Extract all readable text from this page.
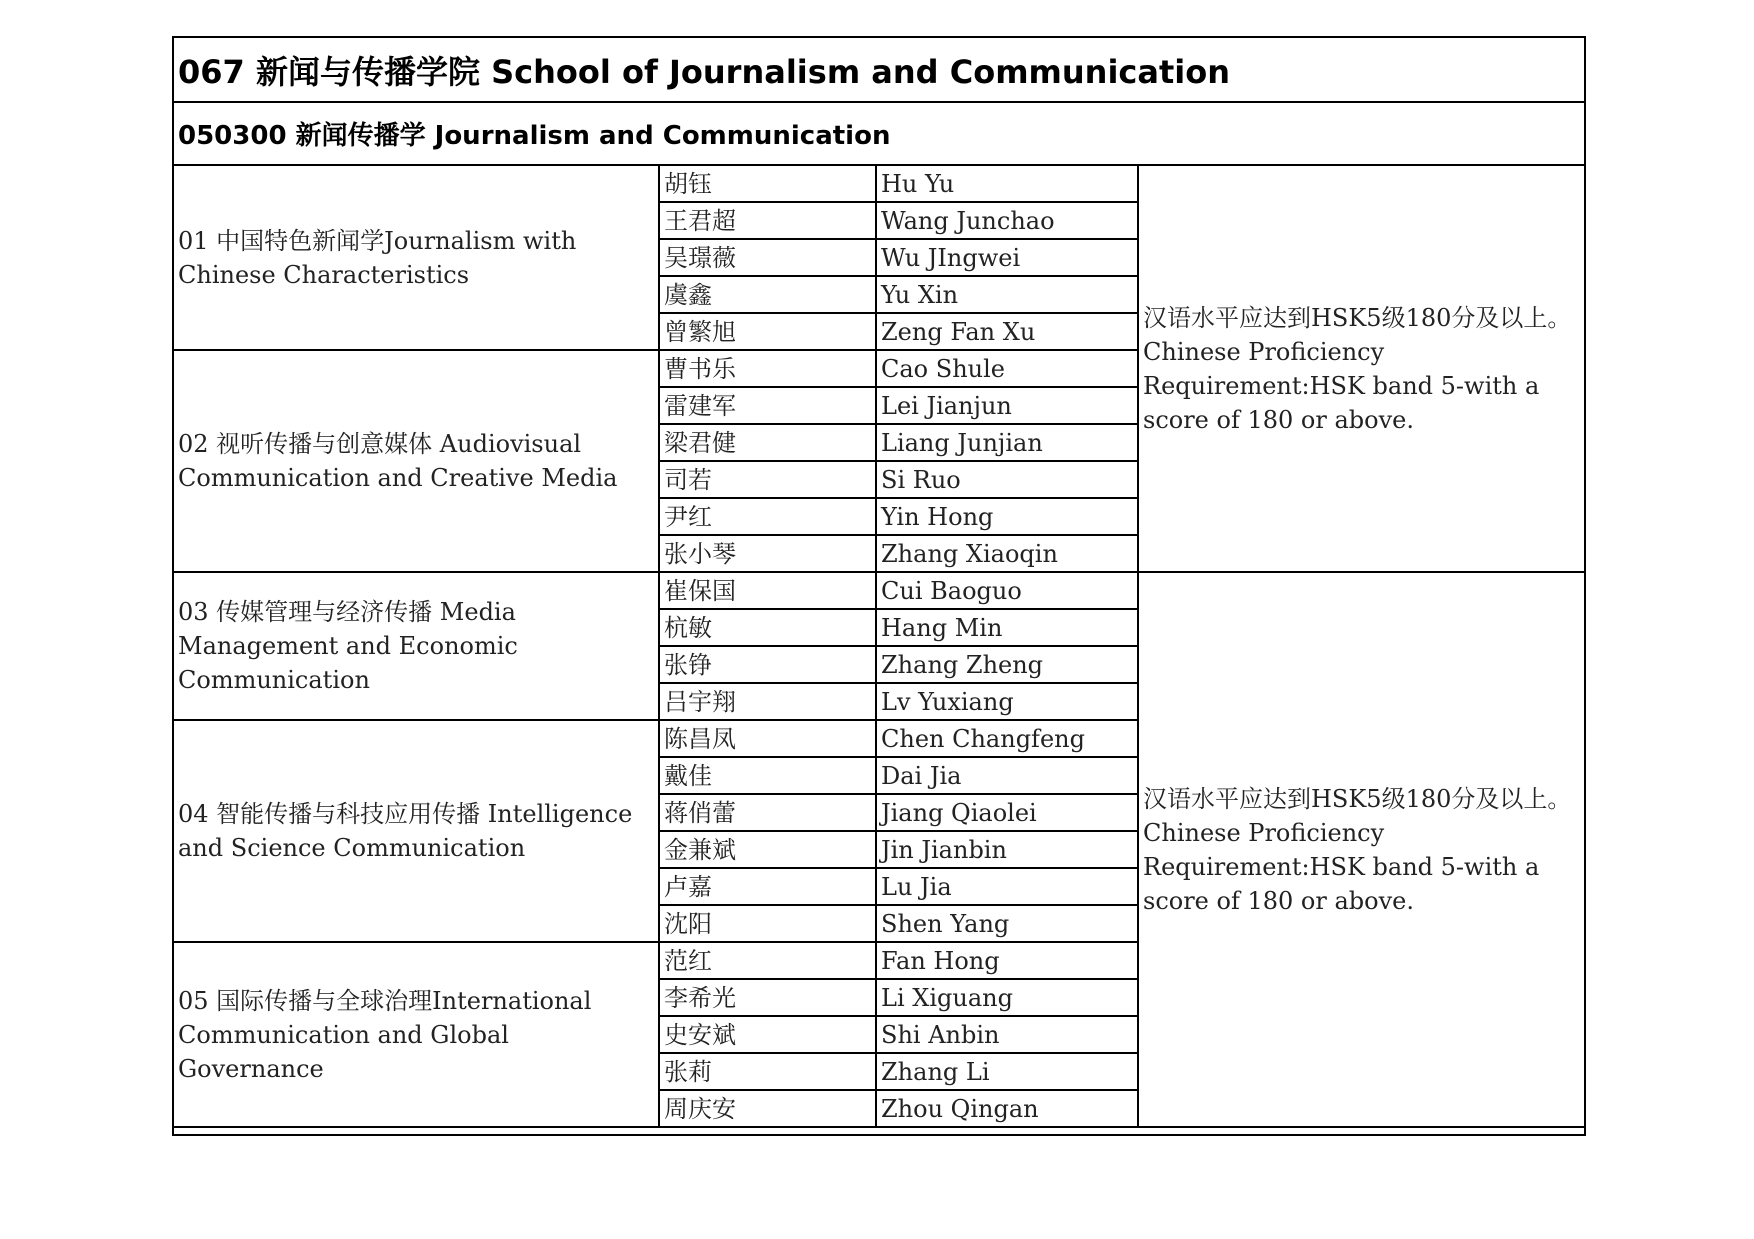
067 新闻与传播学院 School of Journalism and Communication			
050300 新闻传播学 Journalism and Communication			
01 中国特色新闻学Journalism with Chinese Characteristics	胡钰	Hu Yu	汉语水平应达到HSK5级180分及以上。Chinese Proficiency Requirement:HSK band 5-with a score of 180 or above.
	王君超	Wang Junchao	
	吴璟薇	Wu JIngwei	
	虞鑫	Yu Xin	
	曾繁旭	Zeng Fan Xu	
02 视听传播与创意媒体 Audiovisual Communication and Creative Media	曹书乐	Cao Shule	
	雷建军	Lei Jianjun	
	梁君健	Liang Junjian	
	司若	Si Ruo	
	尹红	Yin Hong	
	张小琴	Zhang Xiaoqin	
03 传媒管理与经济传播 Media Management and Economic Communication	崔保国	Cui Baoguo	汉语水平应达到HSK5级180分及以上。Chinese Proficiency Requirement:HSK band 5-with a score of 180 or above.
	杭敏	Hang Min	
	张铮	Zhang Zheng	
	吕宇翔	Lv Yuxiang	
04 智能传播与科技应用传播 Intelligence and Science Communication	陈昌凤	Chen Changfeng	
	戴佳	Dai Jia	
	蒋俏蕾	Jiang Qiaolei	
	金兼斌	Jin Jianbin	
	卢嘉	Lu Jia	
	沈阳	Shen Yang	
05 国际传播与全球治理International Communication and Global Governance	范红	Fan Hong	
	李希光	Li Xiguang	
	史安斌	Shi Anbin	
	张莉	Zhang Li	
	周庆安	Zhou Qingan	
